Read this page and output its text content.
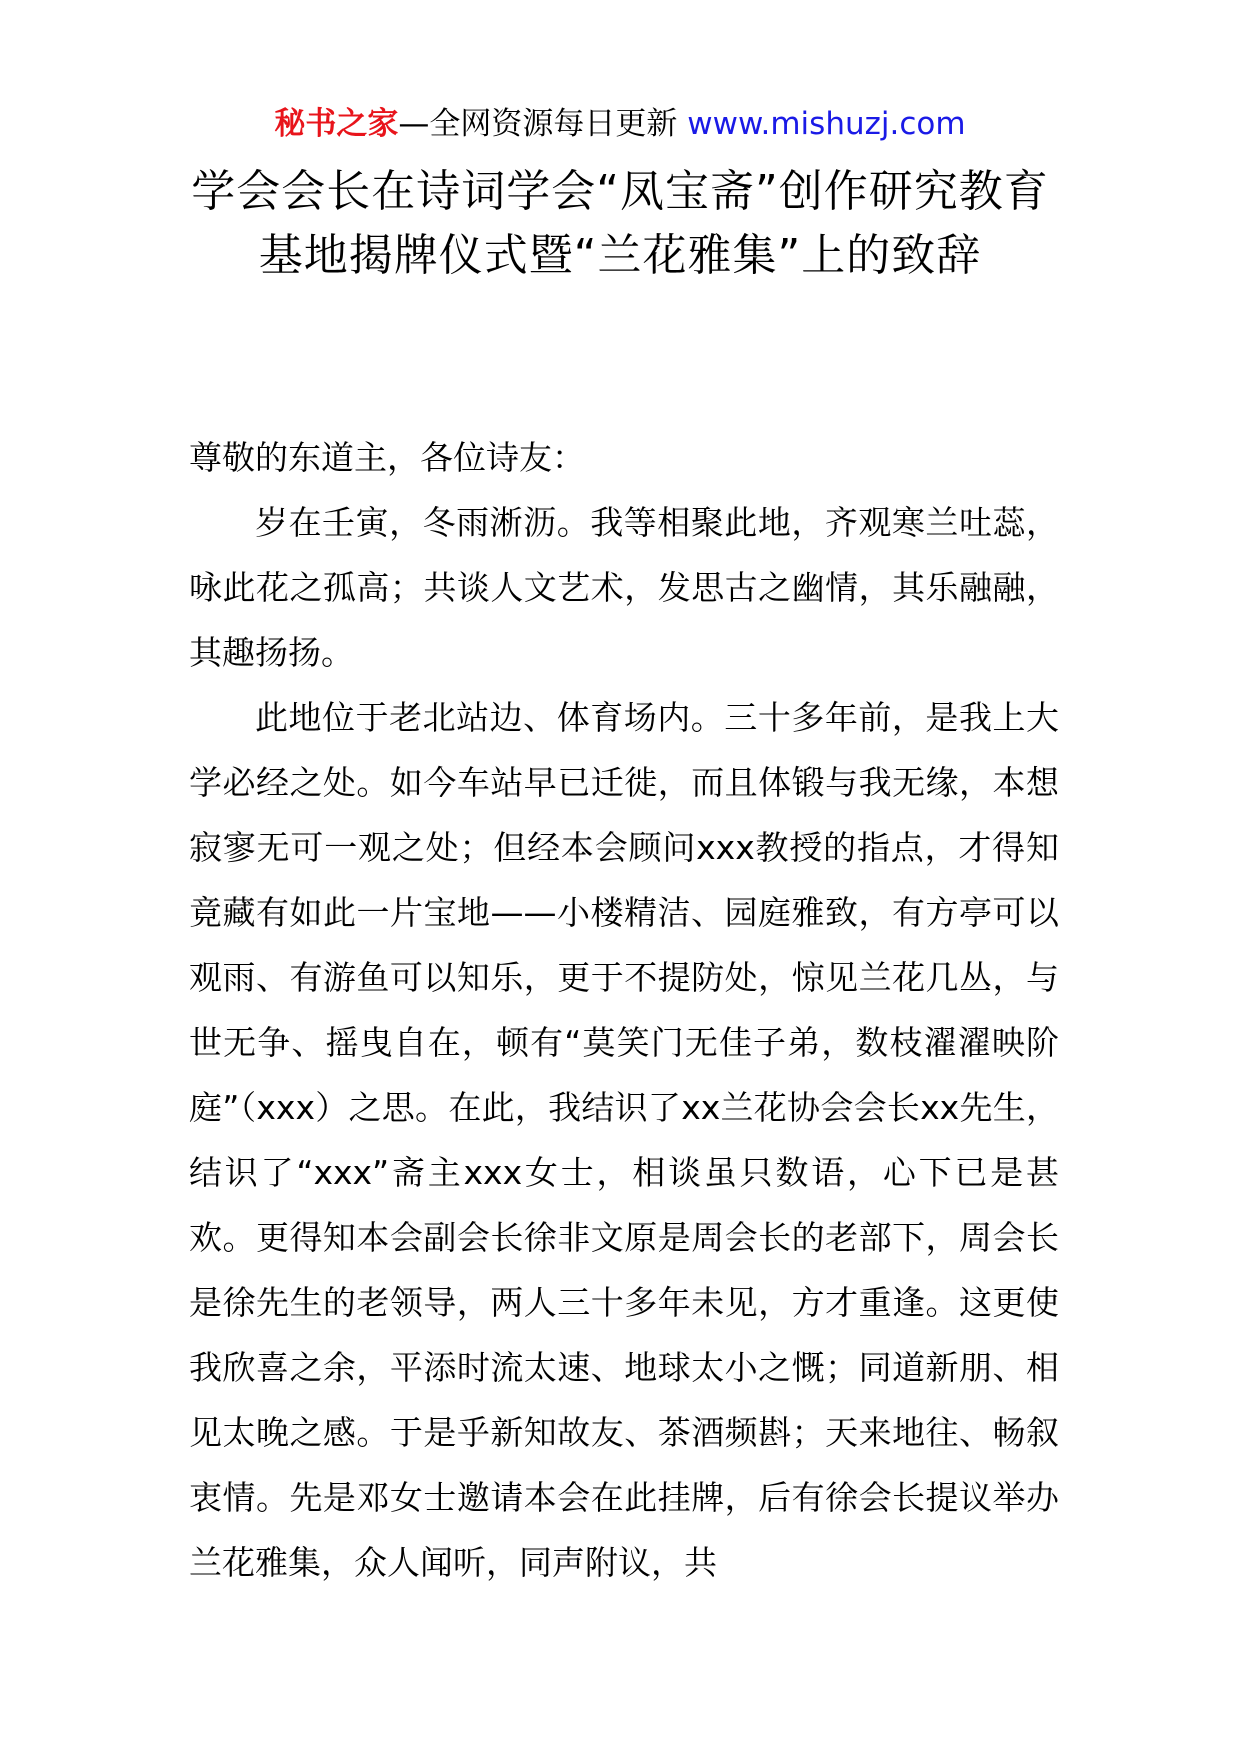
秘书之家—全网资源每日更新 www.mishuzj.com
学会会长在诗词学会“凤宝斋”创作研究教育基地揭牌仪式暨“兰花雅集”上的致辞

尊敬的东道主，各位诗友：

岁在壬寅，冬雨淅沥。我等相聚此地，齐观寒兰吐蕊，咏此花之孤高；共谈人文艺术，发思古之幽情，其乐融融，其趣扬扬。

此地位于老北站边、体育场内。三十多年前，是我上大学必经之处。如今车站早已迁徙，而且体锻与我无缘，本想寂寥无可一观之处；但经本会顾问xxx教授的指点，才得知竟藏有如此一片宝地——小楼精洁、园庭雅致，有方亭可以观雨、有游鱼可以知乐，更于不提防处，惊见兰花几丛，与世无争、摇曳自在，顿有“莫笑门无佳子弟，数枝濯濯映阶庭”（xxx）之思。在此，我结识了xx兰花协会会长xx先生，结识了“xxx”斋主xxx女士，相谈虽只数语，心下已是甚欢。更得知本会副会长徐非文原是周会长的老部下，周会长是徐先生的老领导，两人三十多年未见，方才重逢。这更使我欣喜之余，平添时流太速、地球太小之慨；同道新朋、相见太晚之感。于是乎新知故友、茶酒频斟；天来地往、畅叙衷情。先是邓女士邀请本会在此挂牌，后有徐会长提议举办兰花雅集，众人闻听，同声附议，共
